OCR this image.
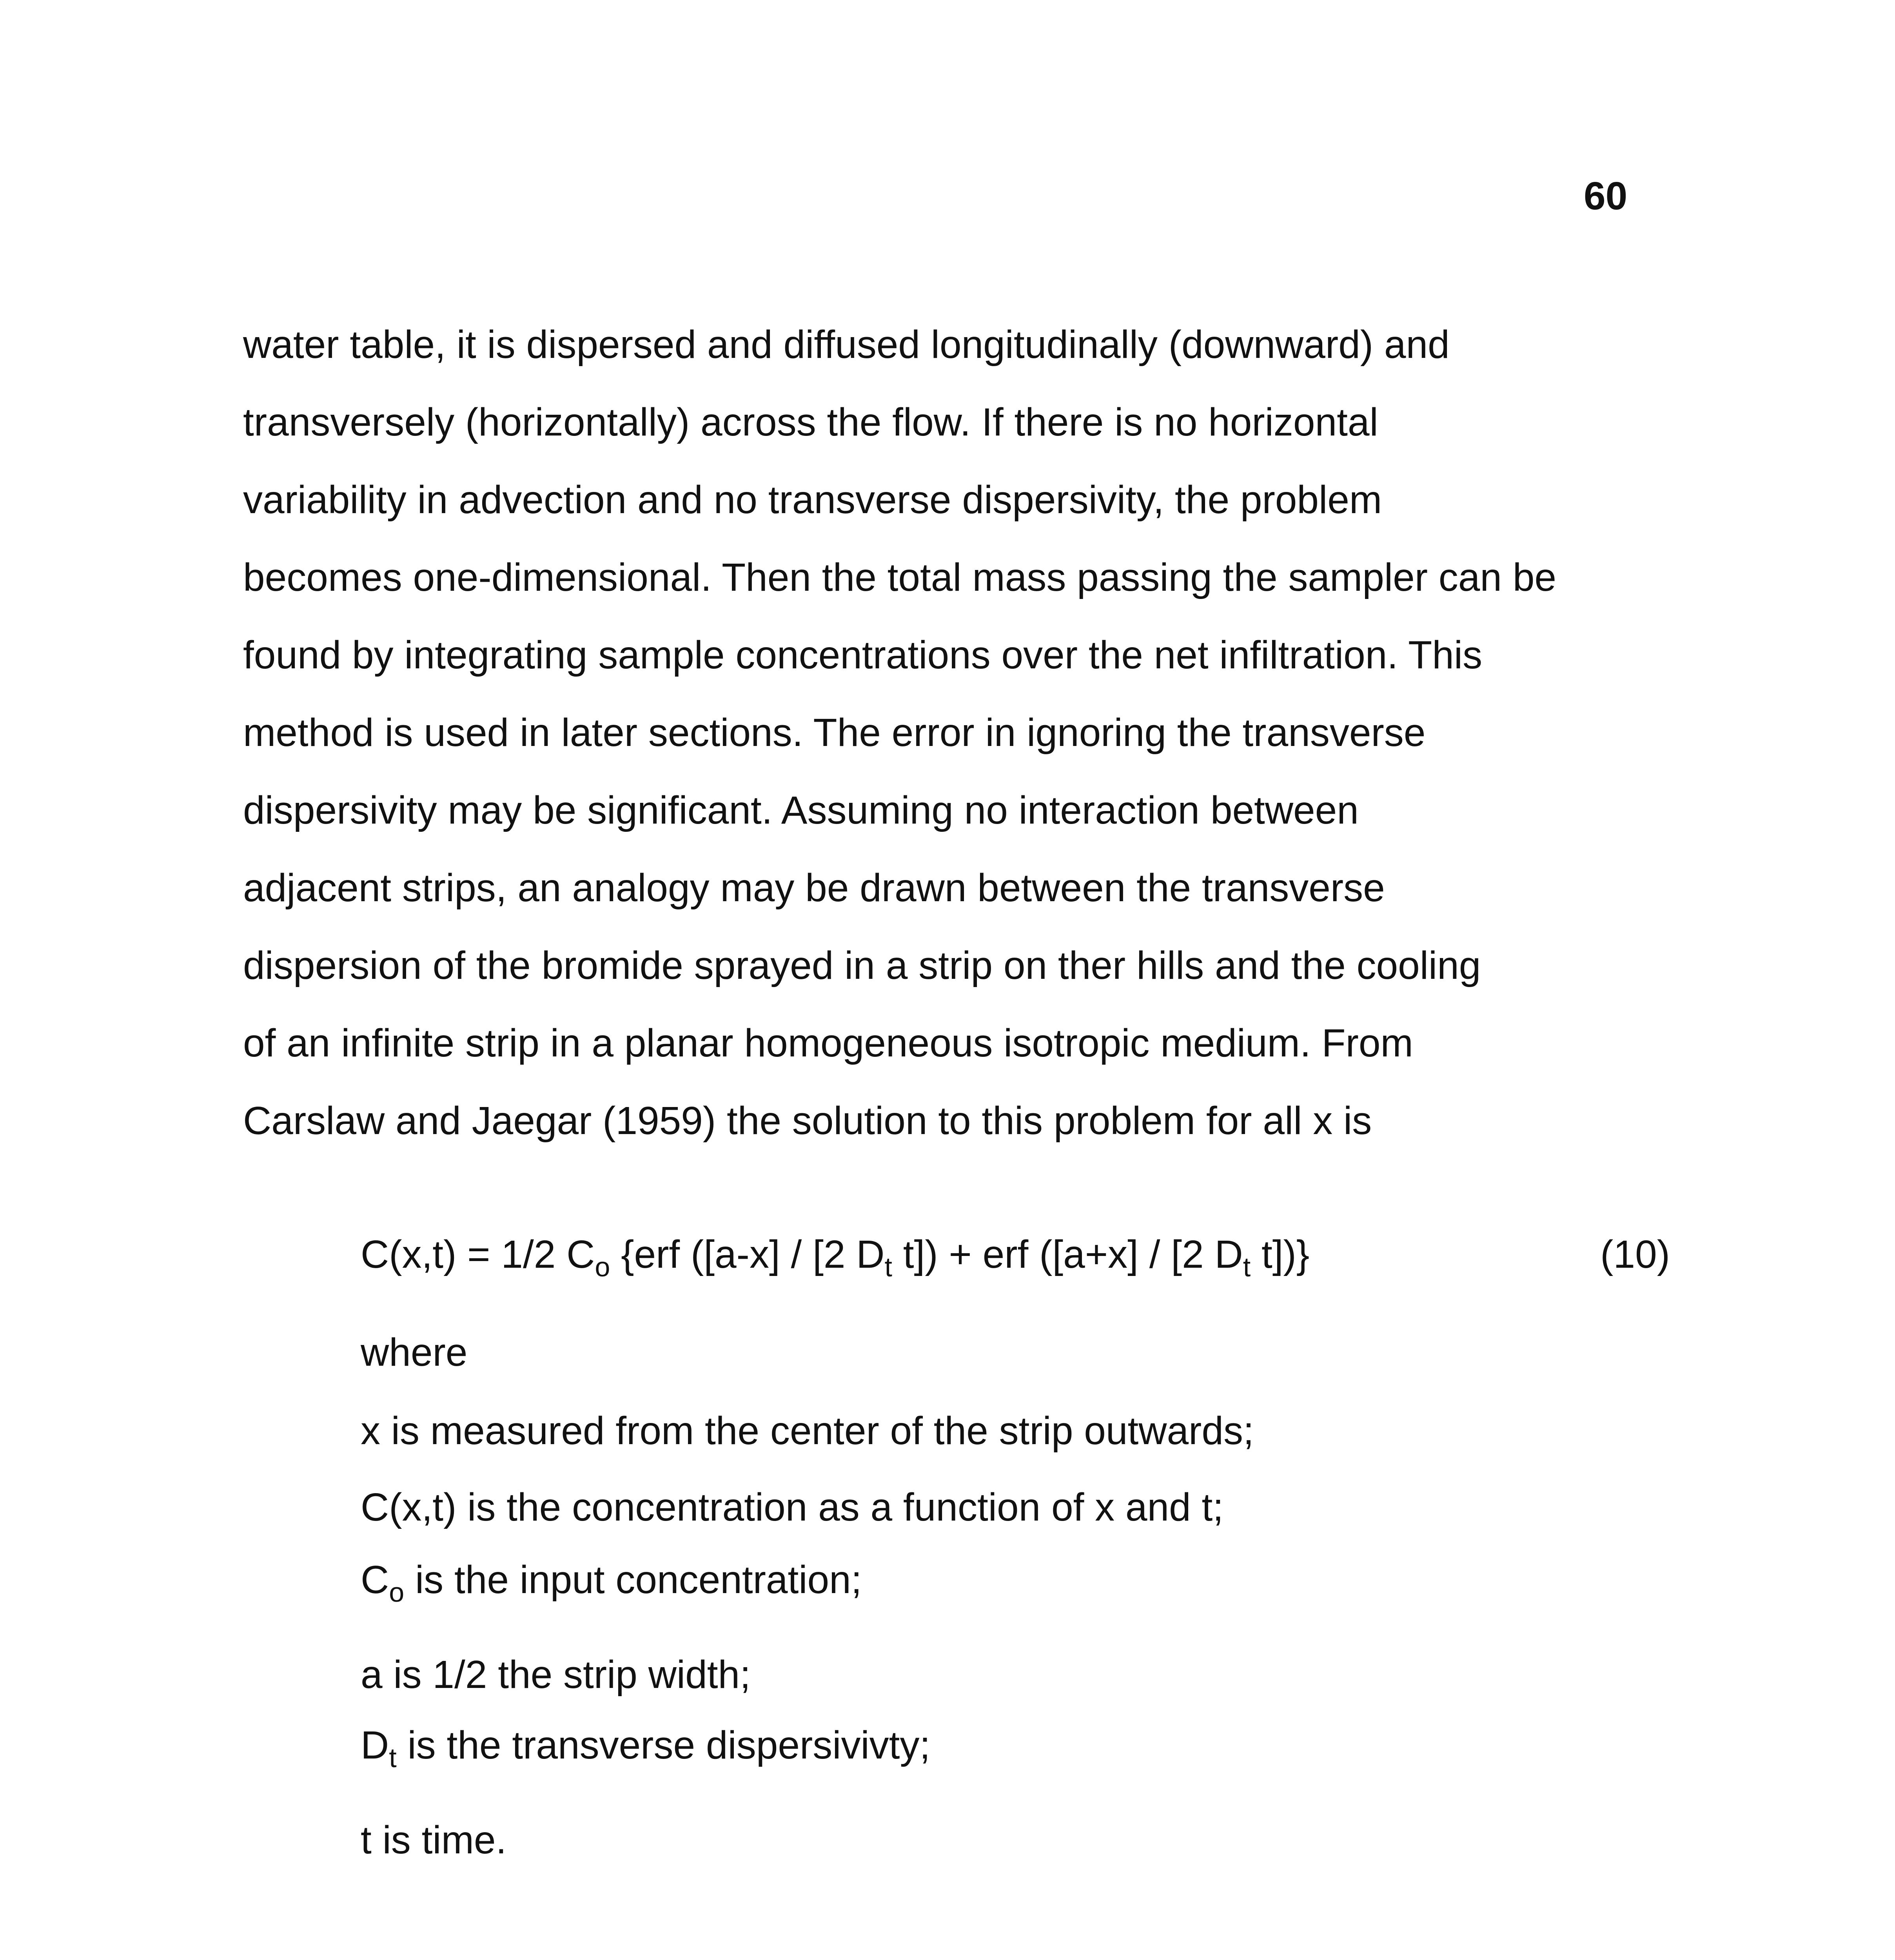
60
water table, it is dispersed and diffused longitudinally (downward) and
transversely (horizontally) across the flow. If there is no horizontal
variability in advection and no transverse dispersivity, the problem
becomes one-dimensional. Then the total mass passing the sampler can be
found by integrating sample concentrations over the net infiltration. This
method is used in later sections. The error in ignoring the transverse
dispersivity may be significant. Assuming no interaction between
adjacent strips, an analogy may be drawn between the transverse
dispersion of the bromide sprayed in a strip on ther hills and the cooling
of an infinite strip in a planar homogeneous isotropic medium. From
Carslaw and Jaegar (1959) the solution to this problem for all x is
C(x,t) = 1/2 $C_o$ {erf ([a-x] / [2 $D_t$ t]) + erf ([a+x] / [2 $D_t$ t])}	(10)
where
x is measured from the center of the strip outwards;
C(x,t) is the concentration as a function of x and t;
$C_o$ is the input concentration;
a is 1/2 the strip width;
$D_t$ is the transverse dispersivivty;
t is time.
